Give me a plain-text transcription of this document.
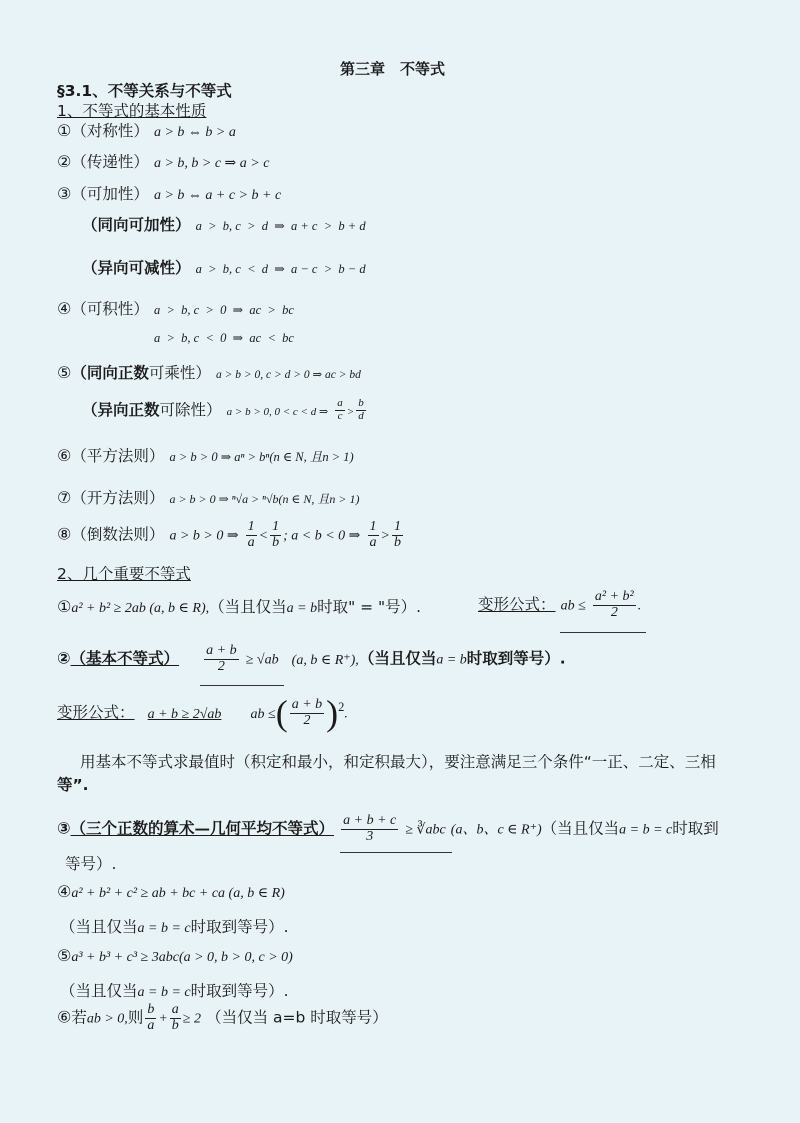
第三章　不等式
§3.1、不等关系与不等式
1、不等式的基本性质
①（对称性） a > b ⇔ b > a
②（传递性） a > b, b > c ⇒ a > c
③（可加性） a > b ⇔ a + c > b + c
（同向可加性） a  >  b, c  >  d  ⇒  a + c  >  b + d
（异向可减性） a  >  b, c  <  d  ⇒  a − c  >  b − d
④（可积性） a  >  b, c  >  0  ⇒  ac  >  bc
a  >  b, c  <  0  ⇒  ac  <  bc
⑤（同向正数可乘性） a > b > 0, c > d > 0 ⇒ ac > bd
（异向正数可除性） a > b > 0, 0 < c < d ⇒ $\frac{a}{c} > \frac{b}{d}$
⑥（平方法则） a > b > 0 ⇒ aⁿ > bⁿ(n ∈ N, 且n > 1)
⑦（开方法则） a > b > 0 ⇒ ⁿ√a > ⁿ√b(n ∈ N, 且n > 1)
⑧（倒数法则） a > b > 0 ⇒ $\frac{1}{a} < \frac{1}{b}$ ; a < b < 0 ⇒ $\frac{1}{a} > \frac{1}{b}$
2、几个重要不等式
①a² + b² ≥ 2ab (a, b ∈ R),（当且仅当a = b时取" = "号）.	变形公式： ab ≤ $\frac{\text{a² + b²}}{2}$ .
②（基本不等式） $\frac{a + b}{2} \ge √ab$ (a, b ∈ R⁺),（当且仅当a = b时取到等号）.
变形公式： a + b ≥ 2√ab ab ≤( $\frac{a + b}{2} )^2$.
用基本不等式求最值时（积定和最小，和定积最大），要注意满足三个条件“一正、二定、三相
等”.
③（三个正数的算术—几何平均不等式） $\frac{a + b + c}{3}$ ≥ ∛abc (a、b、c ∈ R⁺)（当且仅当a = b = c时取到
等号）.
④a² + b² + c² ≥ ab + bc + ca (a, b ∈ R)
（当且仅当a = b = c时取到等号）.
⑤a³ + b³ + c³ ≥ 3abc(a > 0, b > 0, c > 0)
（当且仅当a = b = c时取到等号）.
⑥若ab > 0,则 $\frac{b}{a} + \frac{a}{b} \ge 2$ （当仅当 a=b 时取等号）
